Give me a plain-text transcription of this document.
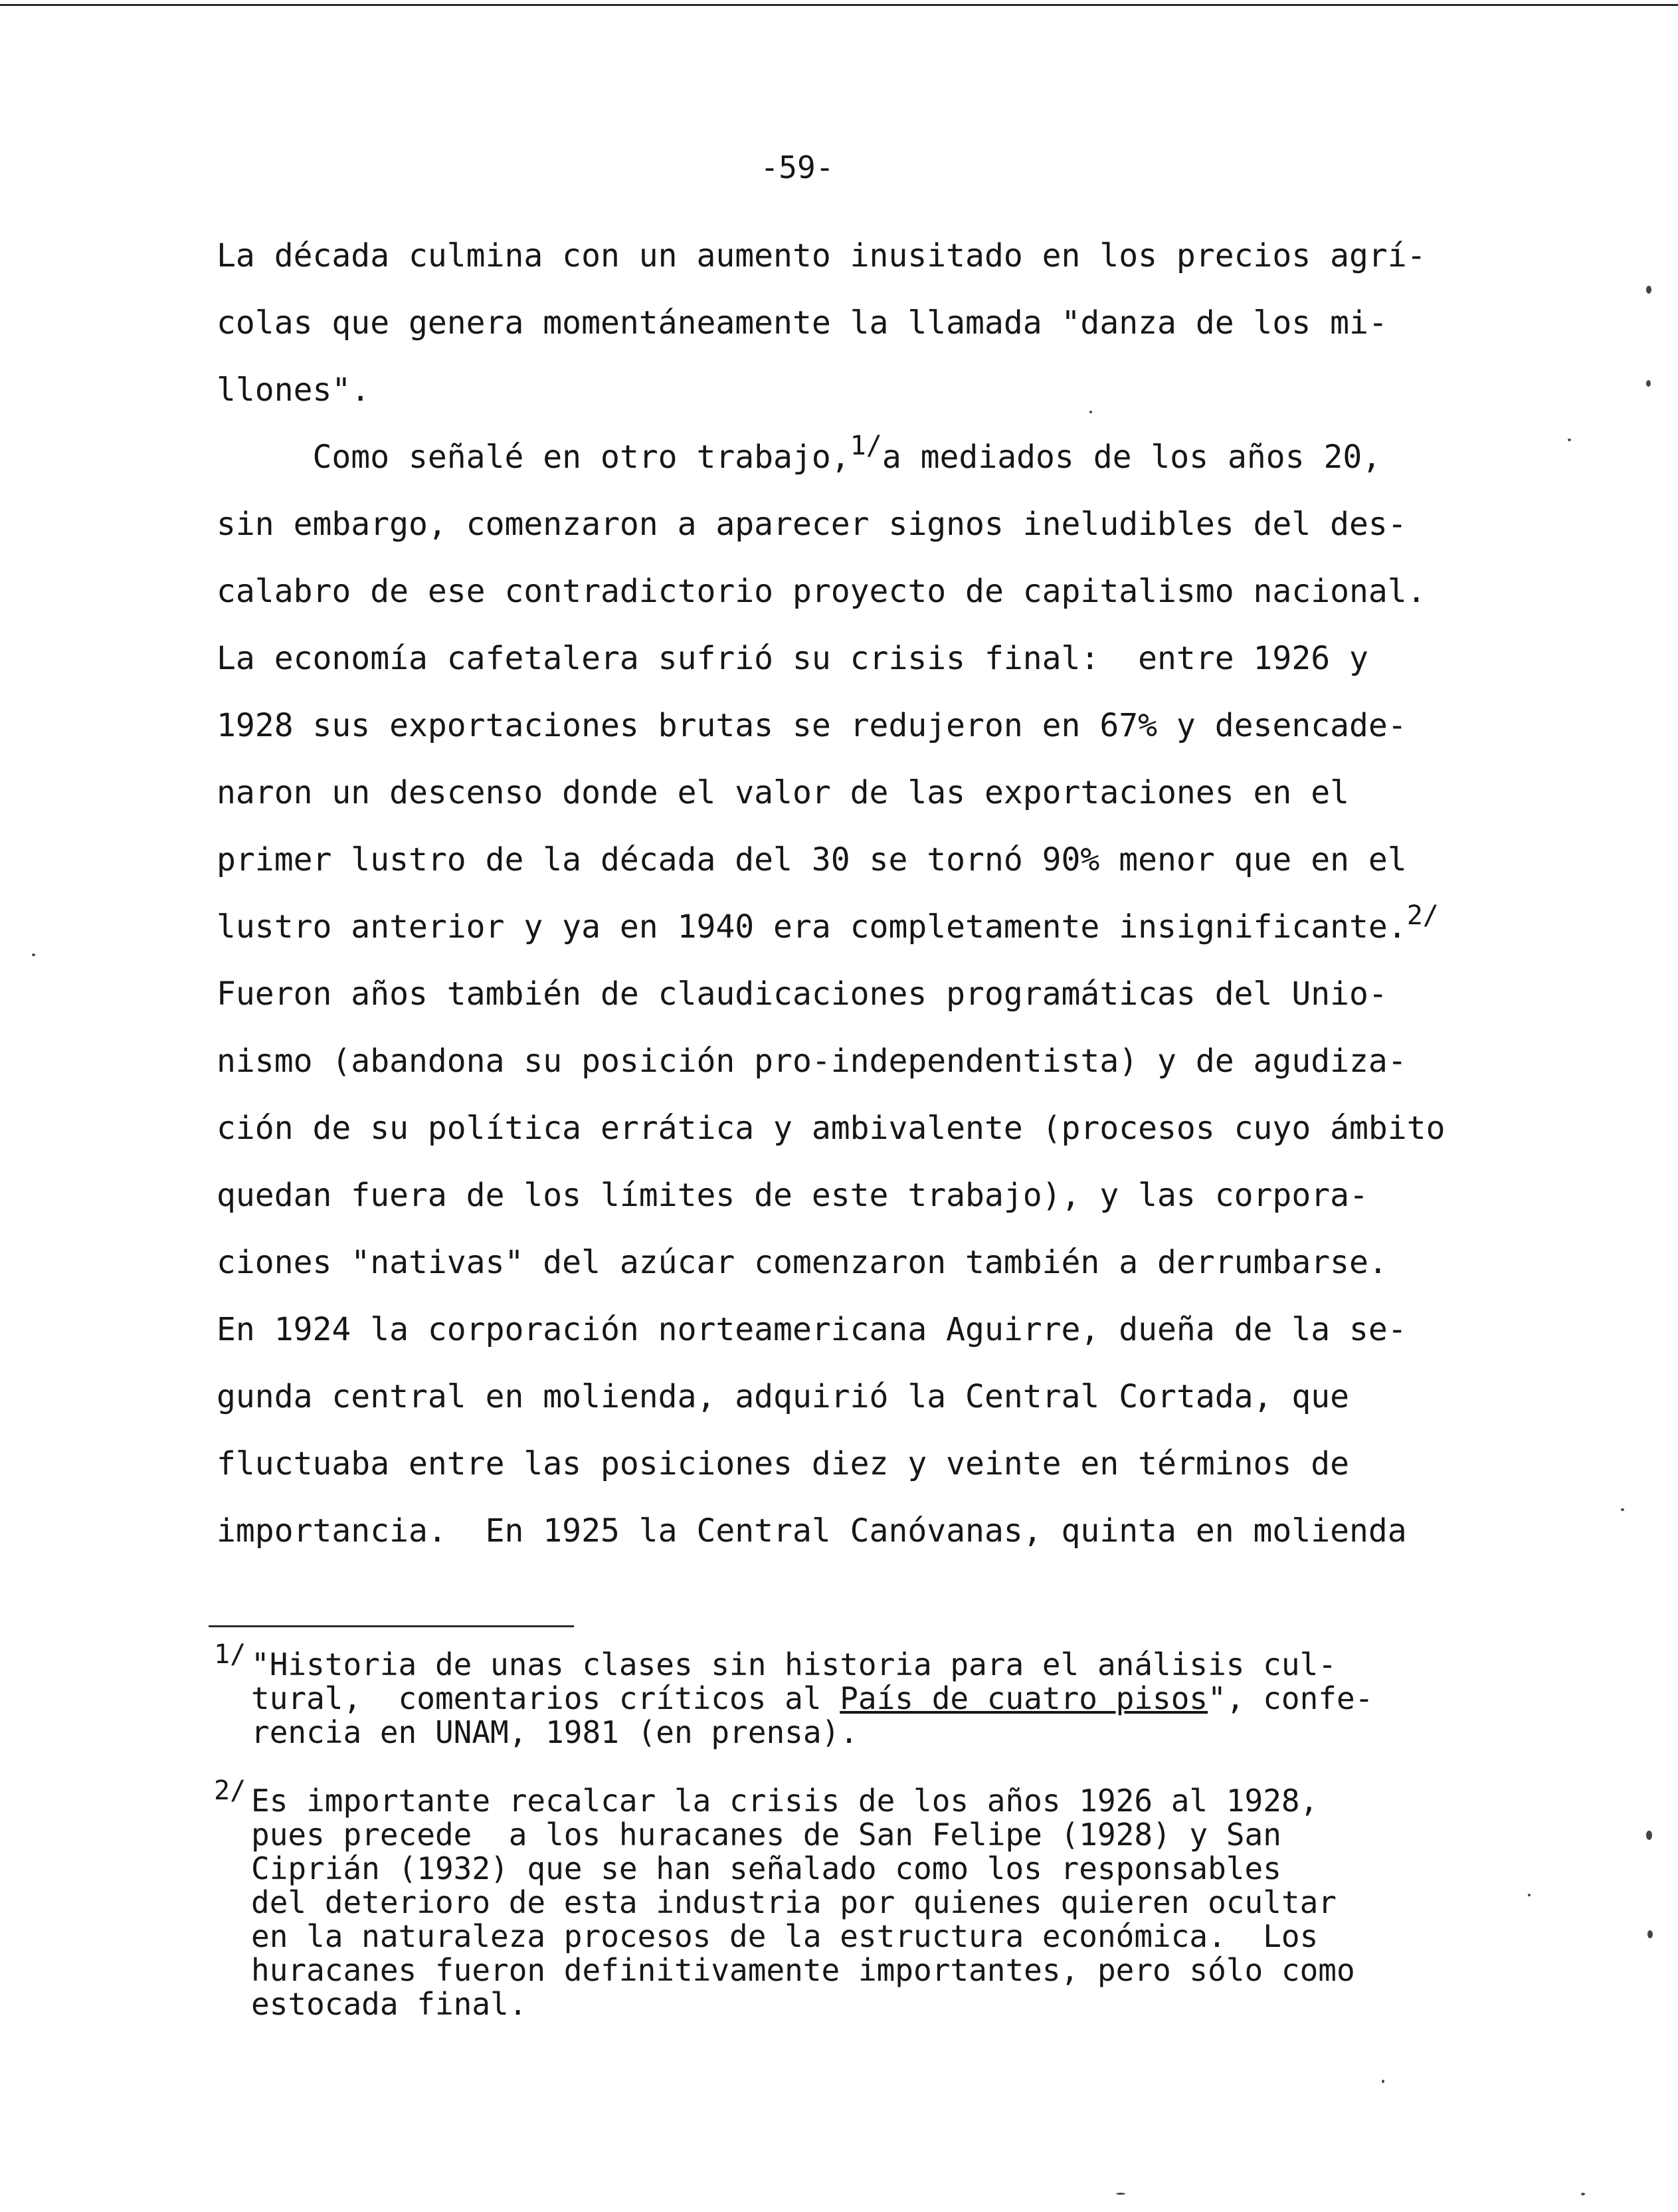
-59-
La década culmina con un aumento inusitado en los precios agrí-
colas que genera momentáneamente la llamada "danza de los mi-
llones".
Como señalé en otro trabajo,$^{1/}$a mediados de los años 20,
sin embargo, comenzaron a aparecer signos ineludibles del des-
calabro de ese contradictorio proyecto de capitalismo nacional.
La economía cafetalera sufrió su crisis final:  entre 1926 y
1928 sus exportaciones brutas se redujeron en 67% y desencade-
naron un descenso donde el valor de las exportaciones en el
primer lustro de la década del 30 se tornó 90% menor que en el
lustro anterior y ya en 1940 era completamente insignificante.$^{2/}$
Fueron años también de claudicaciones programáticas del Unio-
nismo (abandona su posición pro-independentista) y de agudiza-
ción de su política errática y ambivalente (procesos cuyo ámbito
quedan fuera de los límites de este trabajo), y las corpora-
ciones "nativas" del azúcar comenzaron también a derrumbarse.
En 1924 la corporación norteamericana Aguirre, dueña de la se-
gunda central en molienda, adquirió la Central Cortada, que
fluctuaba entre las posiciones diez y veinte en términos de
importancia.  En 1925 la Central Canóvanas, quinta en molienda
1/ "Historia de unas clases sin historia para el análisis cul-
tural,  comentarios críticos al País de cuatro pisos", confe-
rencia en UNAM, 1981 (en prensa).
2/ Es importante recalcar la crisis de los años 1926 al 1928,
pues precede  a los huracanes de San Felipe (1928) y San
Ciprián (1932) que se han señalado como los responsables
del deterioro de esta industria por quienes quieren ocultar
en la naturaleza procesos de la estructura económica.  Los
huracanes fueron definitivamente importantes, pero sólo como
estocada final.
